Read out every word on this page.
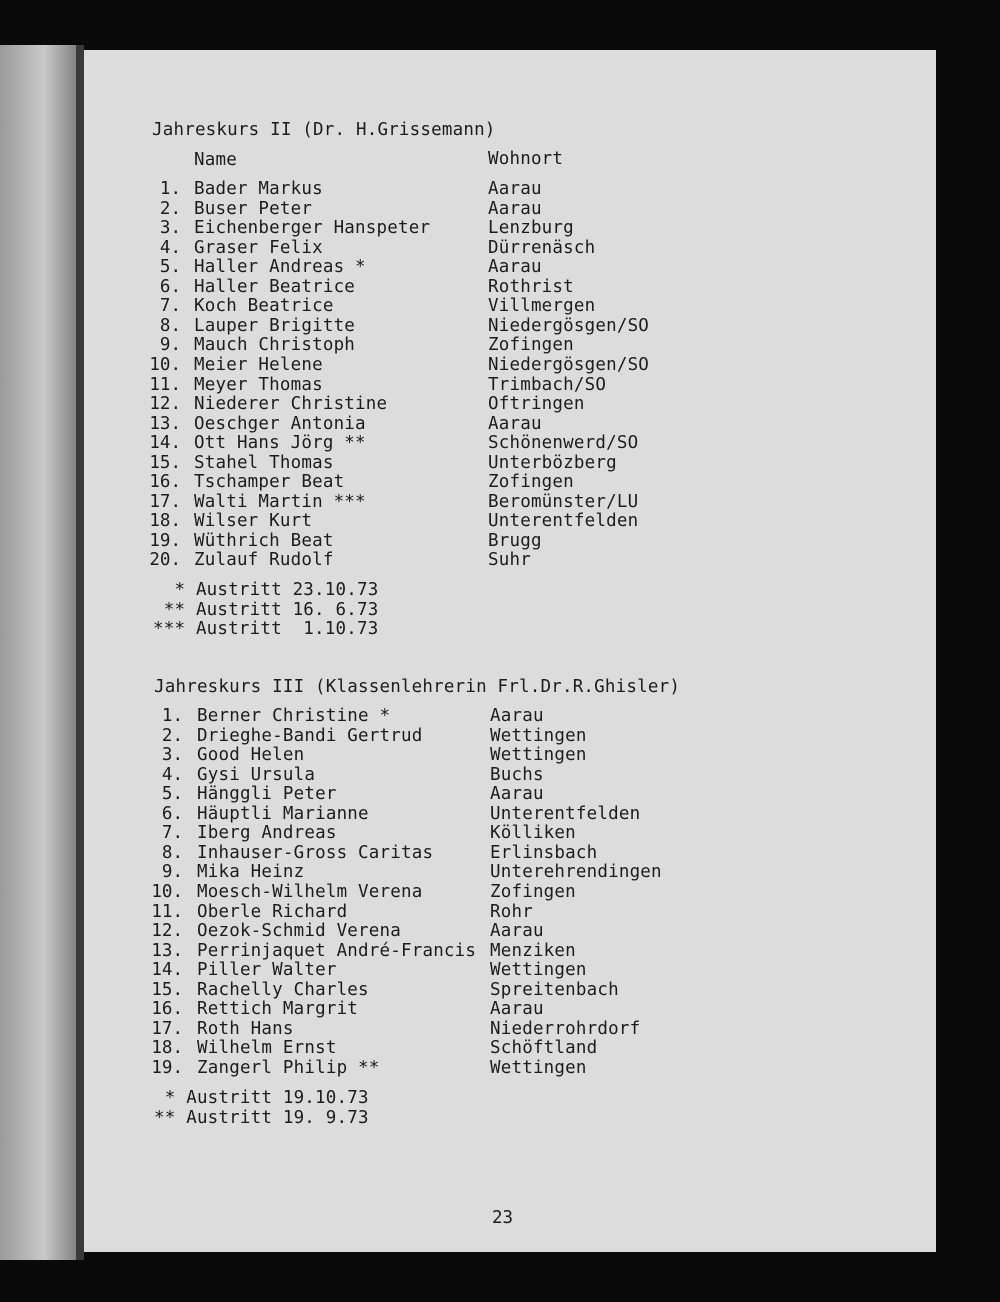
Jahreskurs II (Dr. H.Grissemann)
Name	Wohnort
1. Bader Markus	Aarau
2. Buser Peter	Aarau
3. Eichenberger Hanspeter	Lenzburg
4. Graser Felix	Dürrenäsch
5. Haller Andreas *	Aarau
6. Haller Beatrice	Rothrist
7. Koch Beatrice	Villmergen
8. Lauper Brigitte	Niedergösgen/SO
9. Mauch Christoph	Zofingen
10. Meier Helene	Niedergösgen/SO
11. Meyer Thomas	Trimbach/SO
12. Niederer Christine	Oftringen
13. Oeschger Antonia	Aarau
14. Ott Hans Jörg **	Schönenwerd/SO
15. Stahel Thomas	Unterbözberg
16. Tschamper Beat	Zofingen
17. Walti Martin ***	Beromünster/LU
18. Wilser Kurt	Unterentfelden
19. Wüthrich Beat	Brugg
20. Zulauf Rudolf	Suhr
* Austritt 23.10.73
** Austritt 16. 6.73
*** Austritt  1.10.73
Jahreskurs III (Klassenlehrerin Frl.Dr.R.Ghisler)
1. Berner Christine *	Aarau
2. Drieghe-Bandi Gertrud	Wettingen
3. Good Helen	Wettingen
4. Gysi Ursula	Buchs
5. Hänggli Peter	Aarau
6. Häuptli Marianne	Unterentfelden
7. Iberg Andreas	Kölliken
8. Inhauser-Gross Caritas	Erlinsbach
9. Mika Heinz	Unterehrendingen
10. Moesch-Wilhelm Verena	Zofingen
11. Oberle Richard	Rohr
12. Oezok-Schmid Verena	Aarau
13. Perrinjaquet André-Francis Menziken
14. Piller Walter	Wettingen
15. Rachelly Charles	Spreitenbach
16. Rettich Margrit	Aarau
17. Roth Hans	Niederrohrdorf
18. Wilhelm Ernst	Schöftland
19. Zangerl Philip **	Wettingen
* Austritt 19.10.73
** Austritt 19. 9.73
23
